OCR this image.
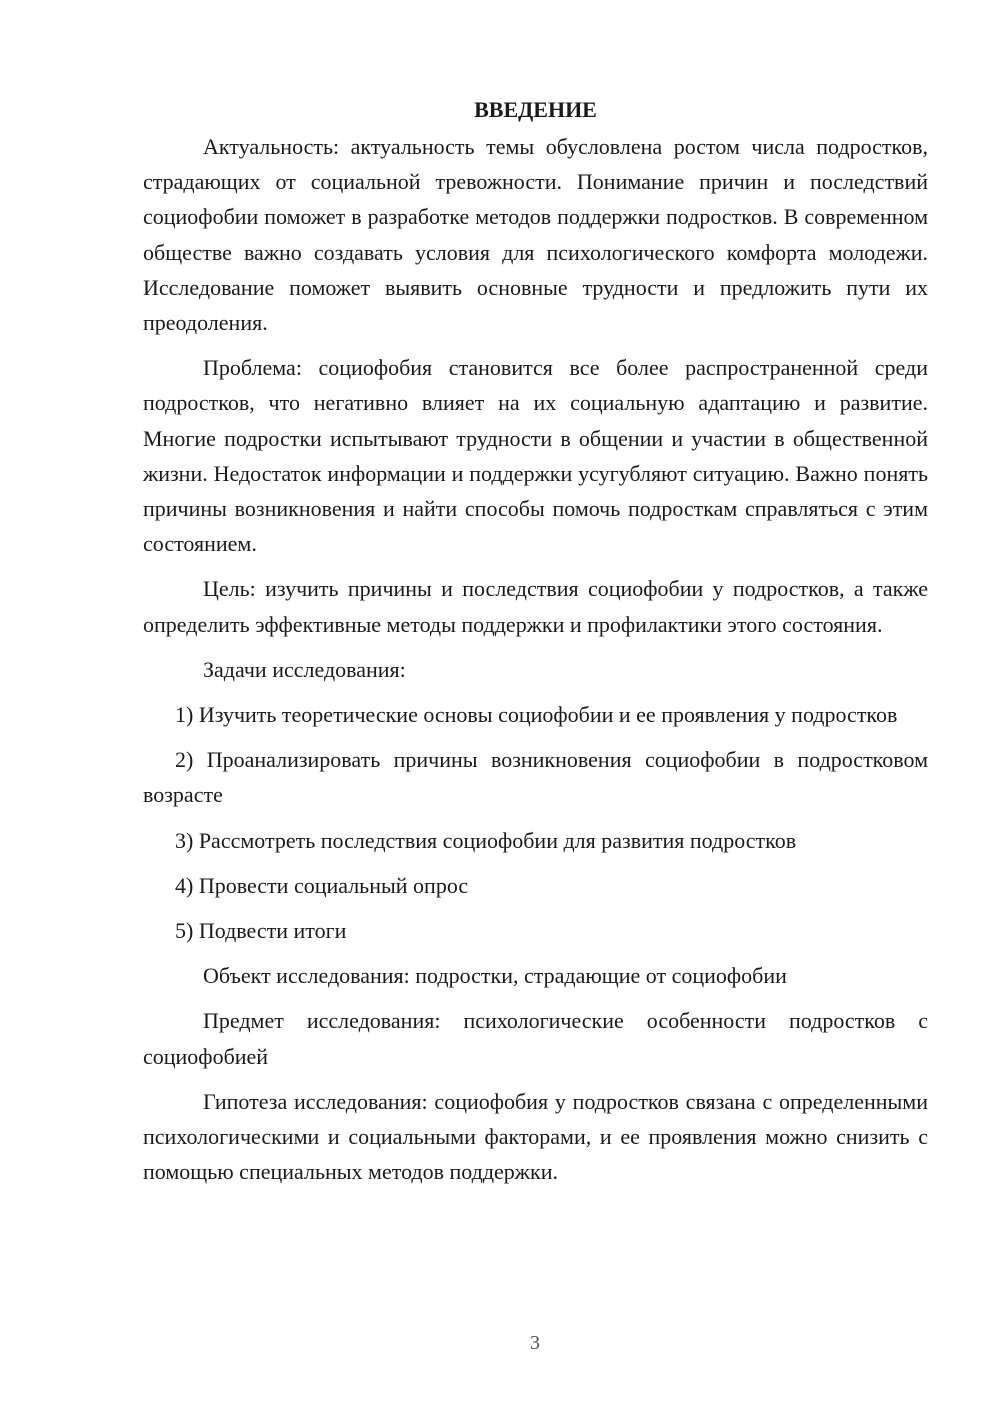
ВВЕДЕНИЕ

Актуальность: актуальность темы обусловлена ростом числа подростков, страдающих от социальной тревожности. Понимание причин и последствий социофобии поможет в разработке методов поддержки подростков. В современном обществе важно создавать условия для психологического комфорта молодежи. Исследование поможет выявить основные трудности и предложить пути их преодоления.

Проблема: социофобия становится все более распространенной среди подростков, что негативно влияет на их социальную адаптацию и развитие. Многие подростки испытывают трудности в общении и участии в общественной жизни. Недостаток информации и поддержки усугубляют ситуацию. Важно понять причины возникновения и найти способы помочь подросткам справляться с этим состоянием.

Цель: изучить причины и последствия социофобии у подростков, а также определить эффективные методы поддержки и профилактики этого состояния.

Задачи исследования:

1) Изучить теоретические основы социофобии и ее проявления у подростков

2) Проанализировать причины возникновения социофобии в подростковом возрасте

3) Рассмотреть последствия социофобии для развития подростков

4) Провести социальный опрос

5) Подвести итоги

Объект исследования: подростки, страдающие от социофобии

Предмет исследования: психологические особенности подростков с социофобией

Гипотеза исследования: социофобия у подростков связана с определенными психологическими и социальными факторами, и ее проявления можно снизить с помощью специальных методов поддержки.

3
